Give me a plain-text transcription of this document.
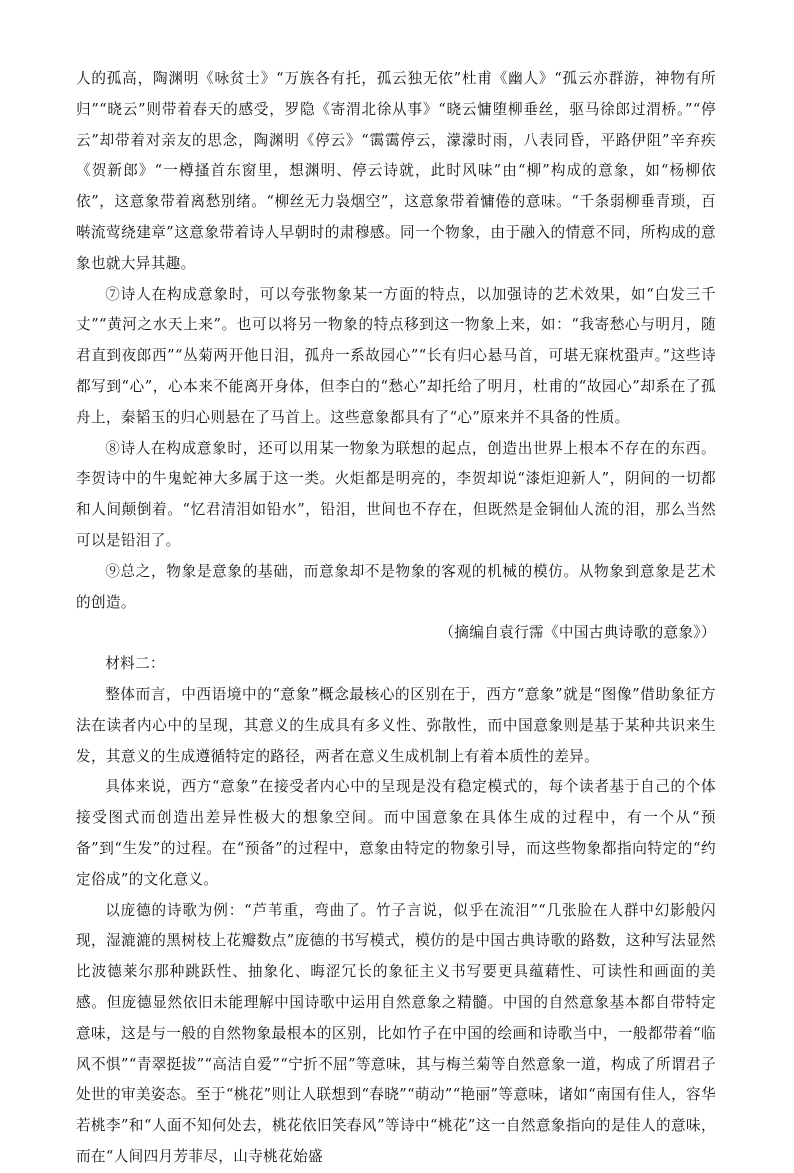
人的孤高，陶渊明《咏贫士》“万族各有托，孤云独无依”杜甫《幽人》“孤云亦群游，神物有所归”“晓云”则带着春天的感受，罗隐《寄渭北徐从事》“晓云慵堕柳垂丝，驱马徐郎过渭桥。”“停云”却带着对亲友的思念，陶渊明《停云》“霭霭停云，濛濛时雨，八表同昏，平路伊阻”辛弃疾《贺新郎》“一樽搔首东窗里，想渊明、停云诗就，此时风味”由“柳”构成的意象，如“杨柳依依”，这意象带着离愁别绪。“柳丝无力袅烟空”，这意象带着慵倦的意味。“千条弱柳垂青琐，百啭流莺绕建章”这意象带着诗人早朝时的肃穆感。同一个物象，由于融入的情意不同，所构成的意象也就大异其趣。

⑦诗人在构成意象时，可以夸张物象某一方面的特点，以加强诗的艺术效果，如“白发三千丈”“黄河之水天上来”。也可以将另一物象的特点移到这一物象上来，如：“我寄愁心与明月，随君直到夜郎西”“丛菊两开他日泪，孤舟一系故园心”“长有归心悬马首，可堪无寐枕蛩声。”这些诗都写到“心”，心本来不能离开身体，但李白的“愁心”却托给了明月，杜甫的“故园心”却系在了孤舟上，秦韬玉的归心则悬在了马首上。这些意象都具有了“心”原来并不具备的性质。

⑧诗人在构成意象时，还可以用某一物象为联想的起点，创造出世界上根本不存在的东西。李贺诗中的牛鬼蛇神大多属于这一类。火炬都是明亮的，李贺却说“漆炬迎新人”，阴间的一切都和人间颠倒着。“忆君清泪如铅水”，铅泪，世间也不存在，但既然是金铜仙人流的泪，那么当然可以是铅泪了。

⑨总之，物象是意象的基础，而意象却不是物象的客观的机械的模仿。从物象到意象是艺术的创造。

（摘编自袁行霈《中国古典诗歌的意象》）

材料二：

整体而言，中西语境中的“意象”概念最核心的区别在于，西方“意象”就是“图像”借助象征方法在读者内心中的呈现，其意义的生成具有多义性、弥散性，而中国意象则是基于某种共识来生发，其意义的生成遵循特定的路径，两者在意义生成机制上有着本质性的差异。

具体来说，西方“意象”在接受者内心中的呈现是没有稳定模式的，每个读者基于自己的个体接受图式而创造出差异性极大的想象空间。而中国意象在具体生成的过程中，有一个从“预备”到“生发”的过程。在“预备”的过程中，意象由特定的物象引导，而这些物象都指向特定的“约定俗成”的文化意义。

以庞德的诗歌为例：“芦苇重，弯曲了。竹子言说，似乎在流泪”“几张脸在人群中幻影般闪现，湿漉漉的黑树枝上花瓣数点”庞德的书写模式，模仿的是中国古典诗歌的路数，这种写法显然比波德莱尔那种跳跃性、抽象化、晦涩冗长的象征主义书写要更具蕴藉性、可读性和画面的美感。但庞德显然依旧未能理解中国诗歌中运用自然意象之精髓。中国的自然意象基本都自带特定意味，这是与一般的自然物象最根本的区别，比如竹子在中国的绘画和诗歌当中，一般都带着“临风不惧”“青翠挺拔”“高洁自爱”“宁折不屈”等意味，其与梅兰菊等自然意象一道，构成了所谓君子处世的审美姿态。至于“桃花”则让人联想到“春晓”“萌动”“艳丽”等意味，诸如“南国有佳人，容华若桃李”和“人面不知何处去，桃花依旧笑春风”等诗中“桃花”这一自然意象指向的是佳人的意味，而在“人间四月芳菲尽，山寺桃花始盛
